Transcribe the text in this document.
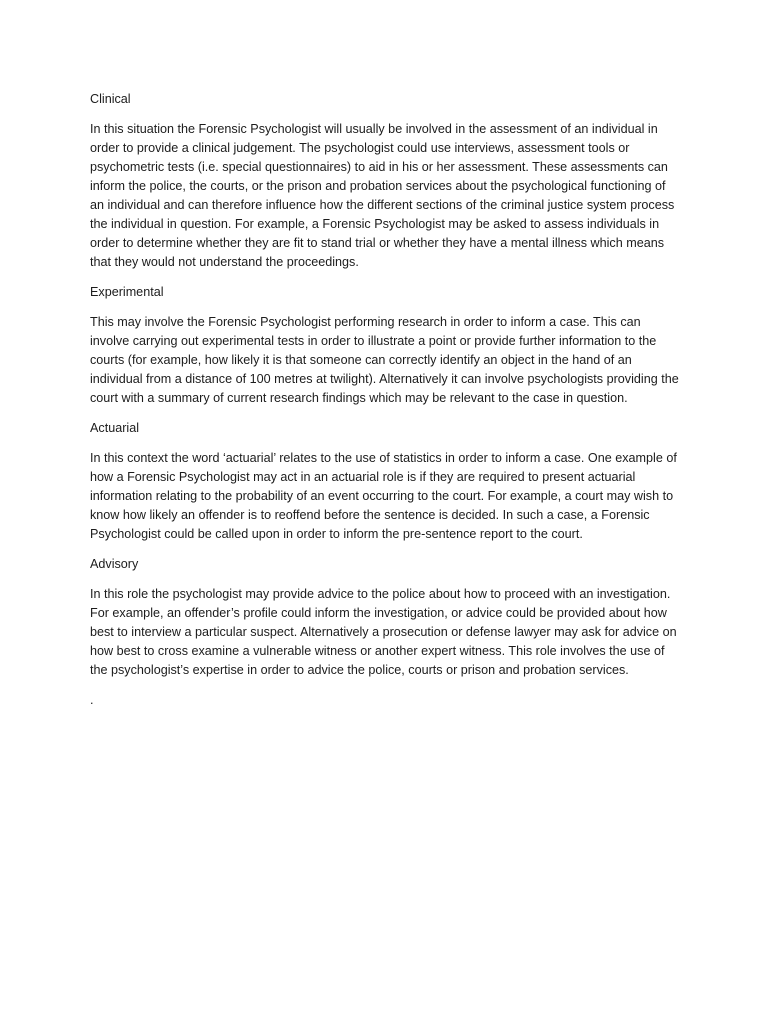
Clinical

In this situation the Forensic Psychologist will usually be involved in the assessment of an individual in order to provide a clinical judgement. The psychologist could use interviews, assessment tools or psychometric tests (i.e. special questionnaires) to aid in his or her assessment. These assessments can inform the police, the courts, or the prison and probation services about the psychological functioning of an individual and can therefore influence how the different sections of the criminal justice system process the individual in question. For example, a Forensic Psychologist may be asked to assess individuals in order to determine whether they are fit to stand trial or whether they have a mental illness which means that they would not understand the proceedings.

Experimental

This may involve the Forensic Psychologist performing research in order to inform a case. This can involve carrying out experimental tests in order to illustrate a point or provide further information to the courts (for example, how likely it is that someone can correctly identify an object in the hand of an individual from a distance of 100 metres at twilight). Alternatively it can involve psychologists providing the court with a summary of current research findings which may be relevant to the case in question.

Actuarial

In this context the word ‘actuarial’ relates to the use of statistics in order to inform a case. One example of how a Forensic Psychologist may act in an actuarial role is if they are required to present actuarial information relating to the probability of an event occurring to the court. For example, a court may wish to know how likely an offender is to reoffend before the sentence is decided. In such a case, a Forensic Psychologist could be called upon in order to inform the pre-sentence report to the court.

Advisory

In this role the psychologist may provide advice to the police about how to proceed with an investigation. For example, an offender’s profile could inform the investigation, or advice could be provided about how best to interview a particular suspect. Alternatively a prosecution or defense lawyer may ask for advice on how best to cross examine a vulnerable witness or another expert witness. This role involves the use of the psychologist’s expertise in order to advice the police, courts or prison and probation services.

.
